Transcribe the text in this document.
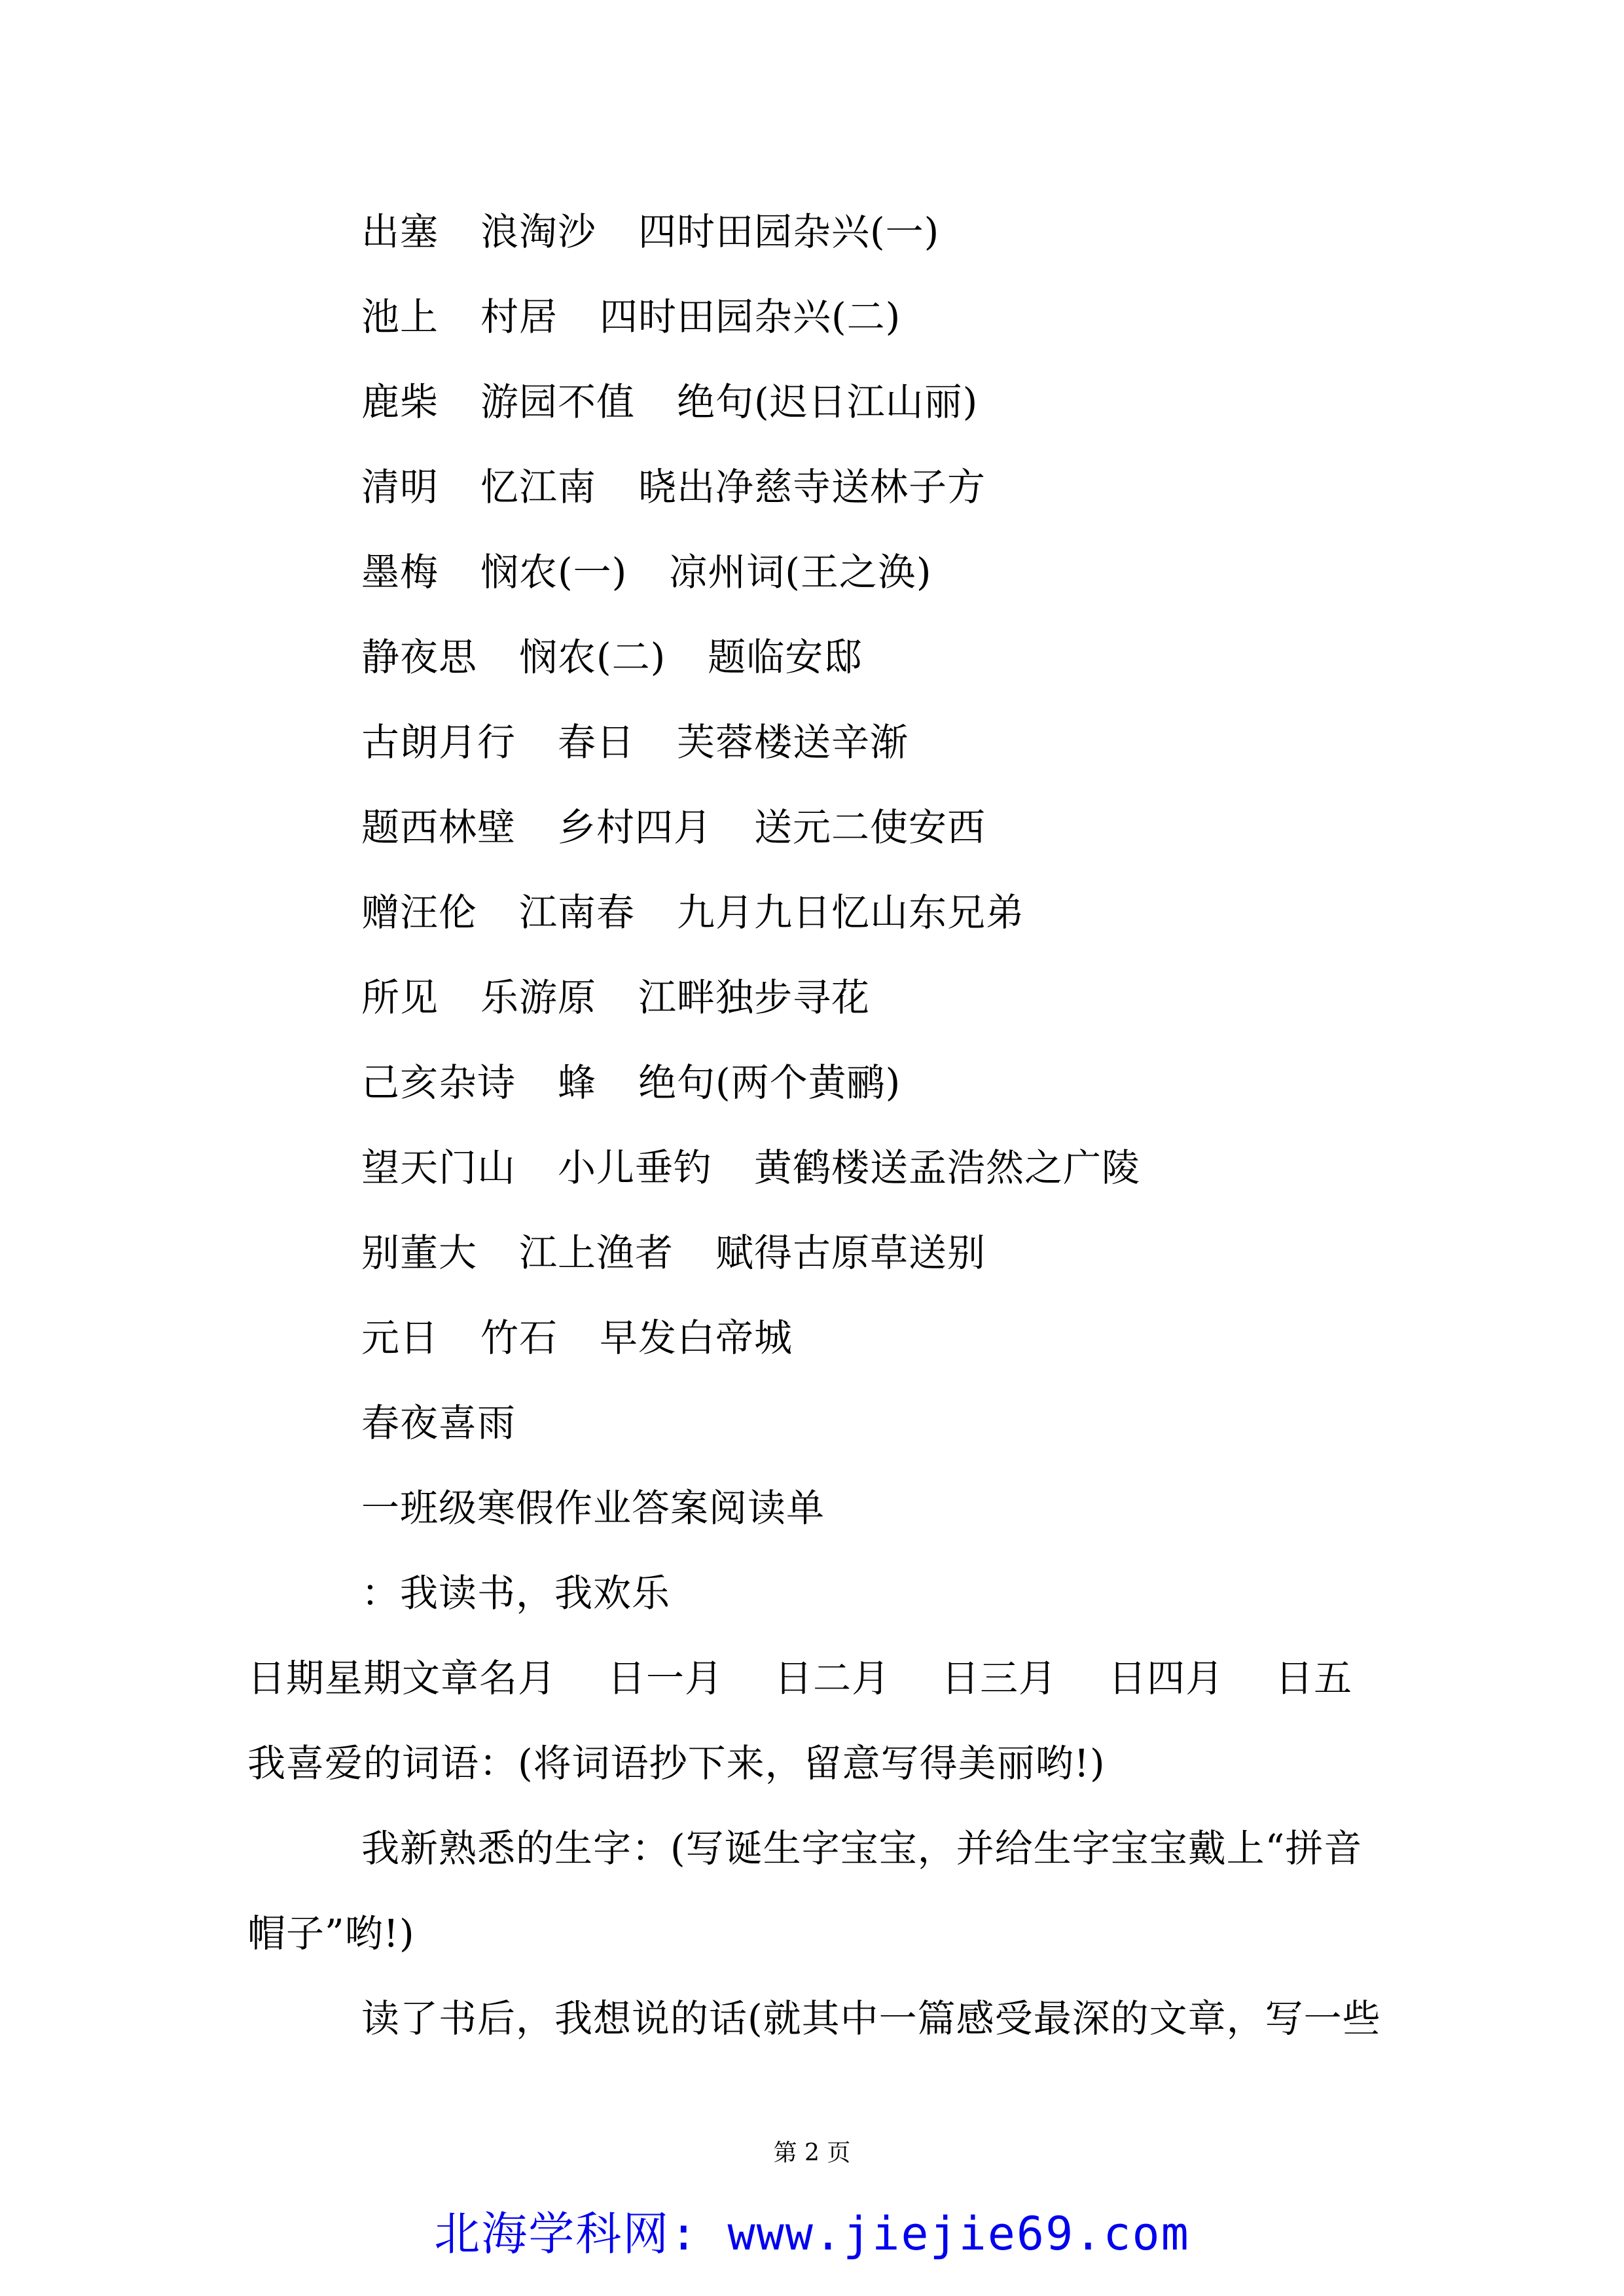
出塞 浪淘沙 四时田园杂兴(一)
池上 村居 四时田园杂兴(二)
鹿柴 游园不值 绝句(迟日江山丽)
清明 忆江南 晓出净慈寺送林子方
墨梅 悯农(一) 凉州词(王之涣)
静夜思 悯农(二) 题临安邸
古朗月行 春日 芙蓉楼送辛渐
题西林壁 乡村四月 送元二使安西
赠汪伦 江南春 九月九日忆山东兄弟
所见 乐游原 江畔独步寻花
己亥杂诗 蜂 绝句(两个黄鹂)
望天门山 小儿垂钓 黄鹤楼送孟浩然之广陵
别董大 江上渔者 赋得古原草送别
元日 竹石 早发白帝城
春夜喜雨
一班级寒假作业答案阅读单
：我读书，我欢乐
日期星期文章名月 日一月 日二月 日三月 日四月 日五
我喜爱的词语：(将词语抄下来，留意写得美丽哟!)
我新熟悉的生字：(写诞生字宝宝，并给生字宝宝戴上“拼音
帽子”哟!)
读了书后，我想说的话(就其中一篇感受最深的文章，写一些
第 2 页
北海学科网: www.jiejie69.com
